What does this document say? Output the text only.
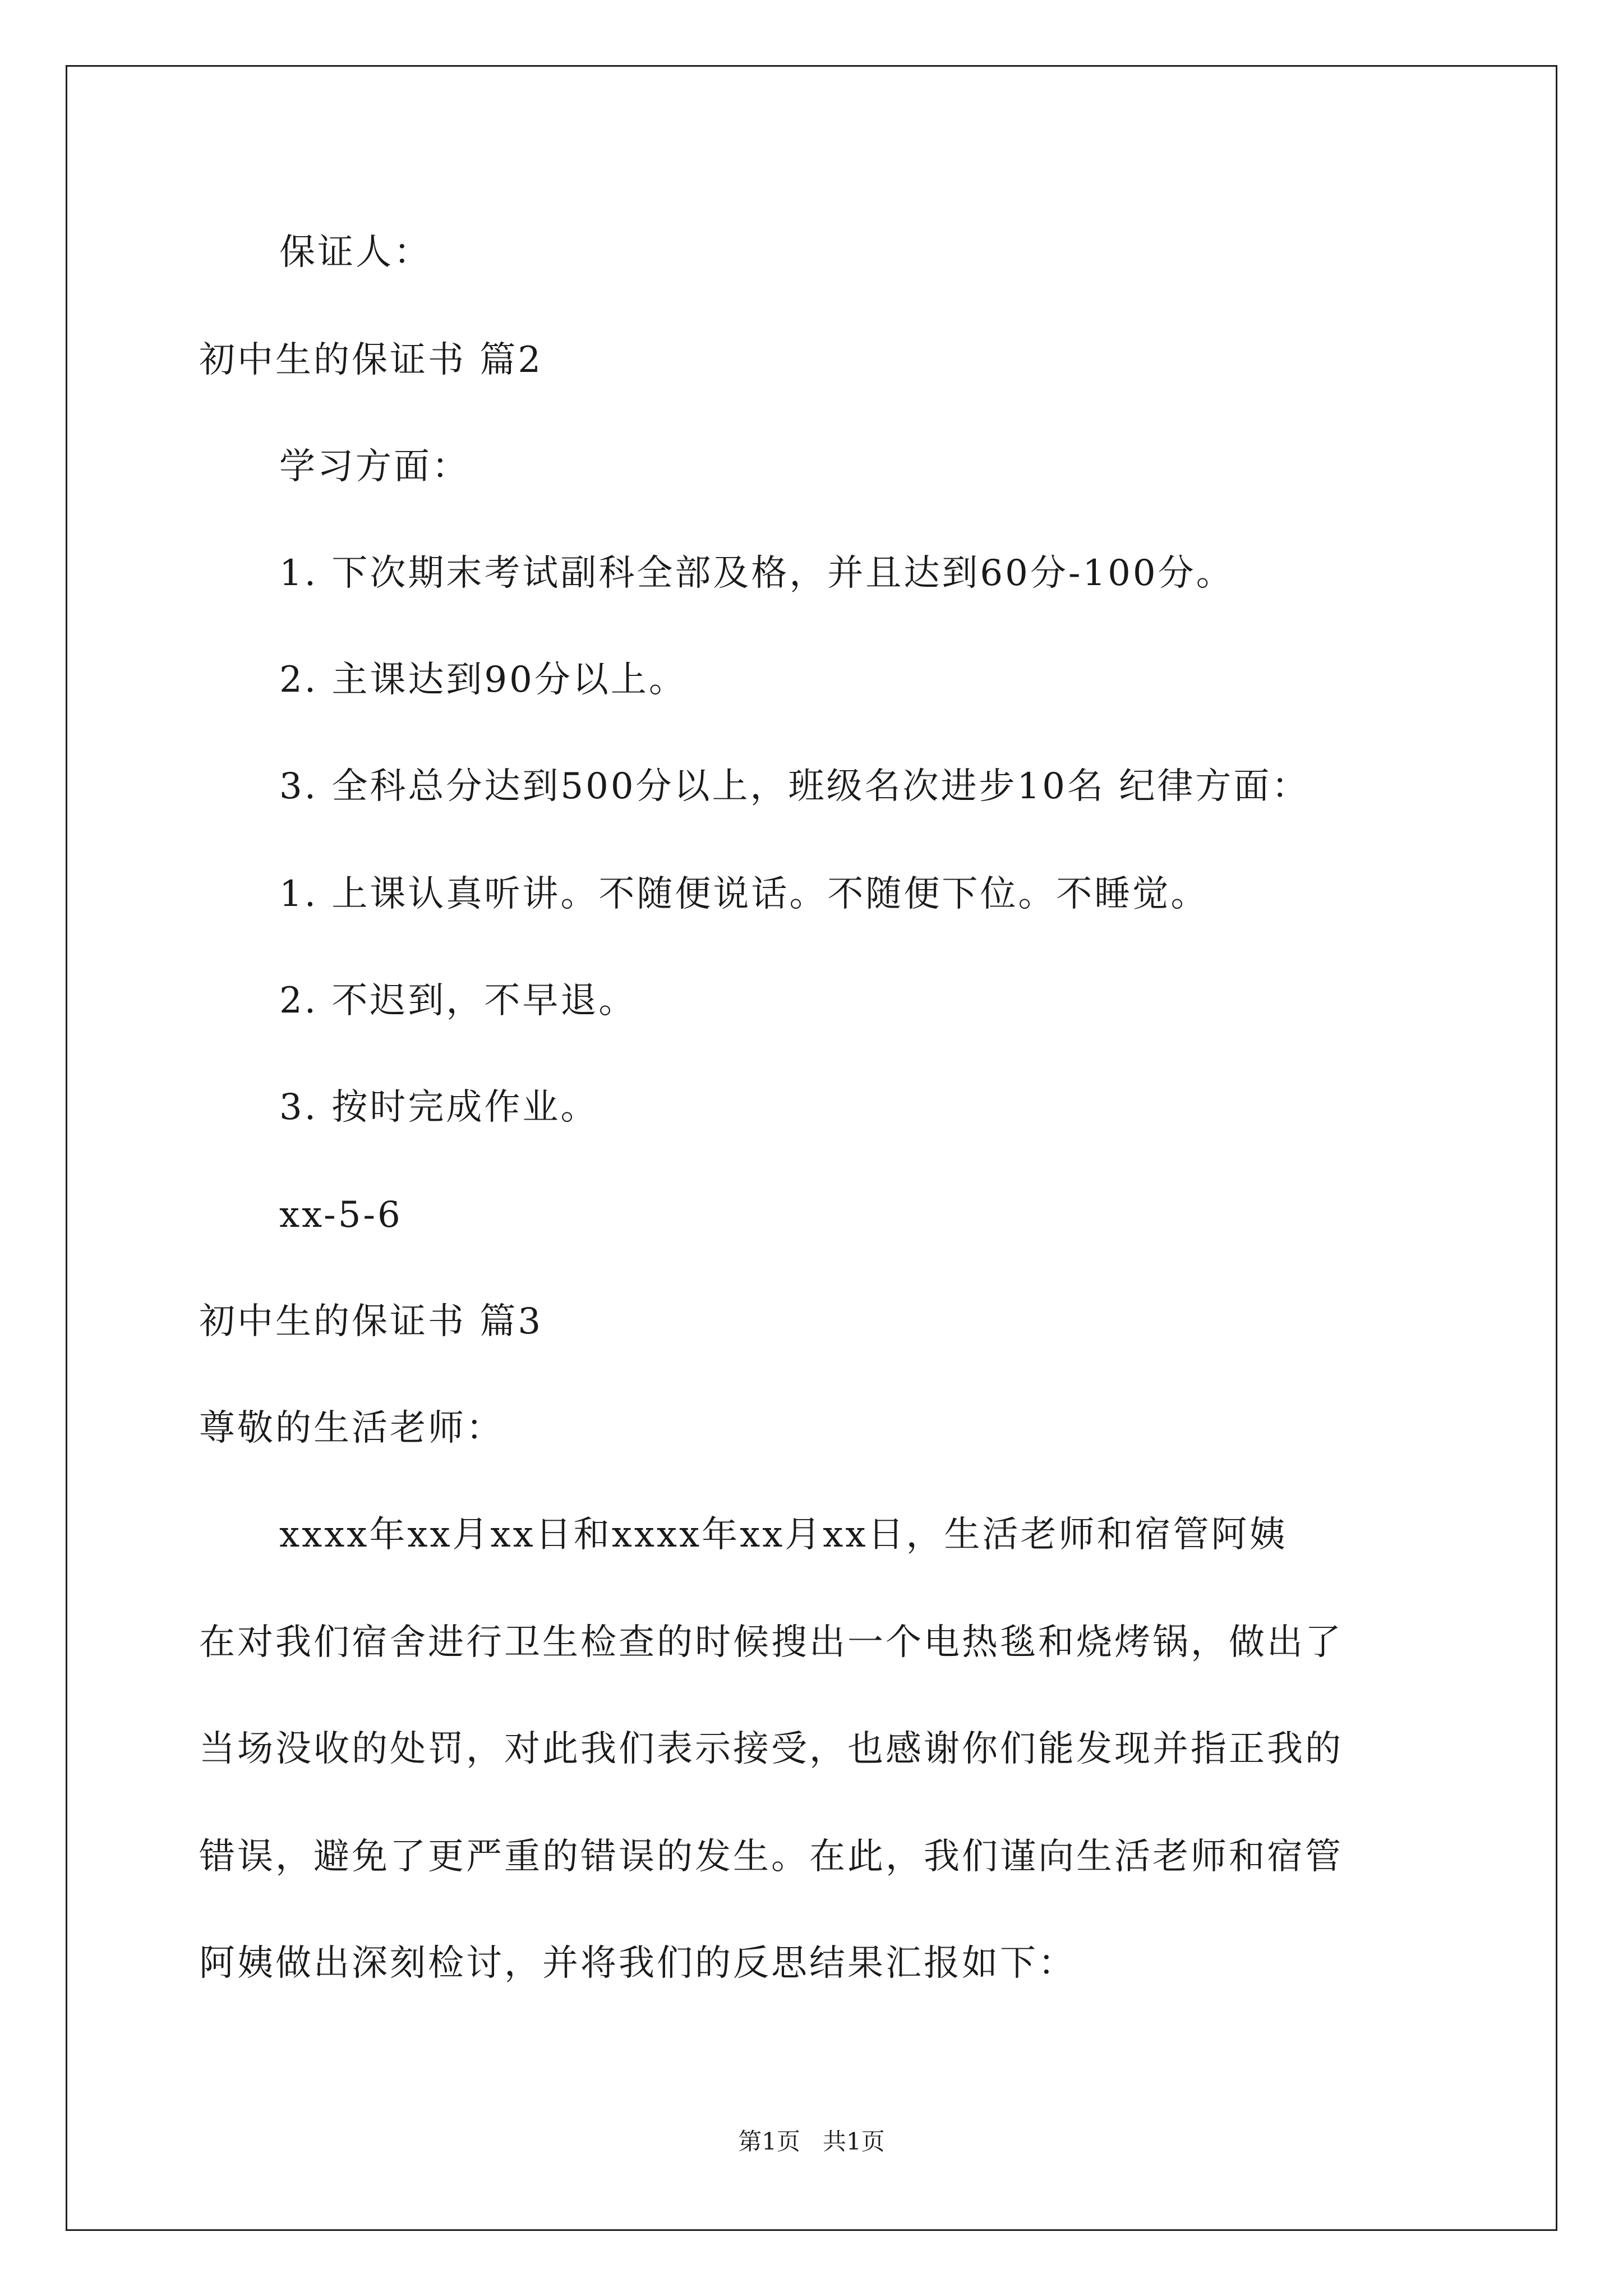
保证人：
初中生的保证书 篇2
学习方面：
1. 下次期末考试副科全部及格，并且达到60分-100分。
2. 主课达到90分以上。
3. 全科总分达到500分以上，班级名次进步10名 纪律方面：
1. 上课认真听讲。不随便说话。不随便下位。不睡觉。
2. 不迟到，不早退。
3. 按时完成作业。
xx-5-6
初中生的保证书 篇3
尊敬的生活老师：
xxxx年xx月xx日和xxxx年xx月xx日，生活老师和宿管阿姨
在对我们宿舍进行卫生检查的时候搜出一个电热毯和烧烤锅，做出了
当场没收的处罚，对此我们表示接受，也感谢你们能发现并指正我的
错误，避免了更严重的错误的发生。在此，我们谨向生活老师和宿管
阿姨做出深刻检讨，并将我们的反思结果汇报如下：
第1页   共1页
